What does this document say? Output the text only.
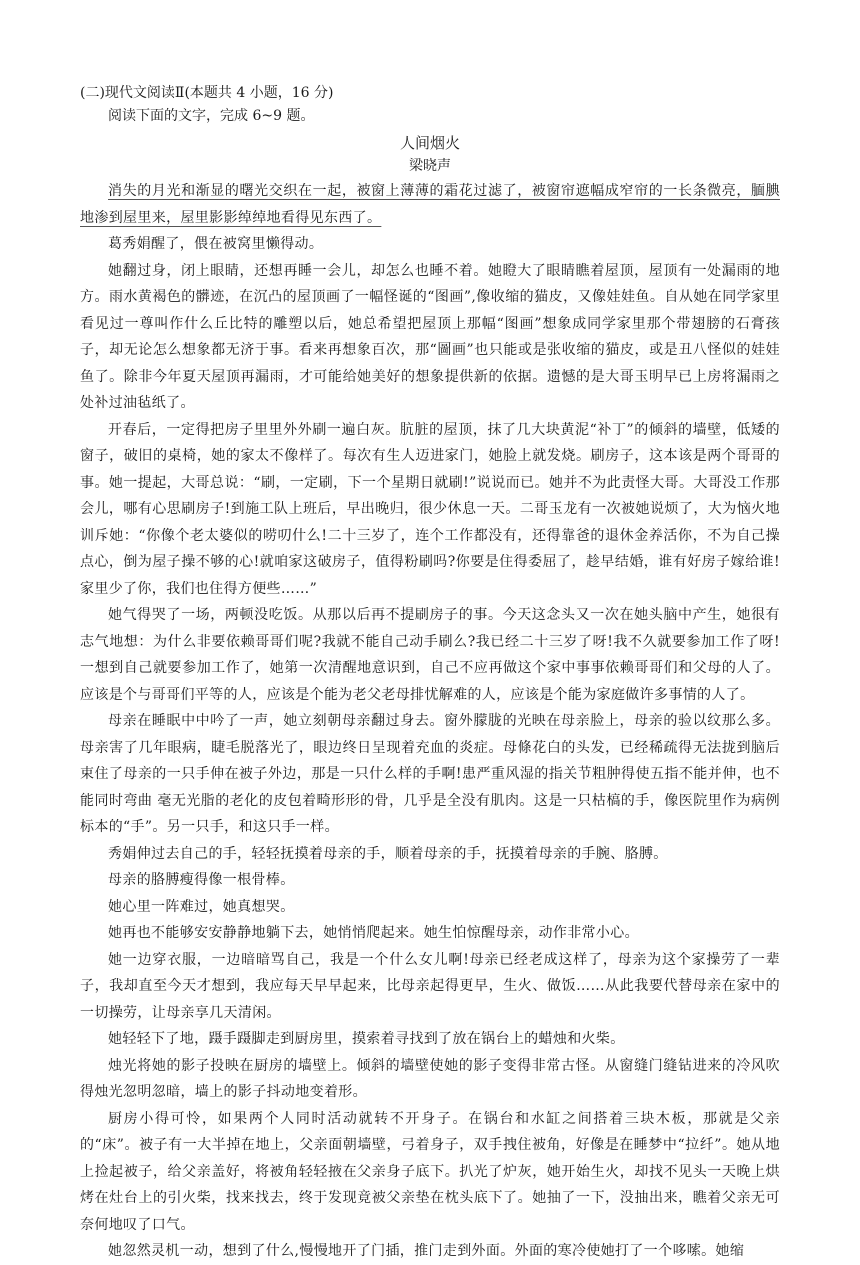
(二)现代文阅读Ⅱ(本题共 4 小题，16 分)

阅读下面的文字，完成 6~9 题。

人间烟火

梁晓声

消失的月光和渐显的曙光交织在一起，被窗上薄薄的霜花过滤了，被窗帘遮幅成窄帘的一长条微亮，腼腆地渗到屋里来，屋里影影绰绰地看得见东西了。

葛秀娟醒了，偎在被窝里懒得动。

她翻过身，闭上眼睛，还想再睡一会儿，却怎么也睡不着。她瞪大了眼睛瞧着屋顶，屋顶有一处漏雨的地方。雨水黄褐色的髒迹，在沉凸的屋顶画了一幅怪诞的“图画”,像收缩的猫皮，又像娃娃鱼。自从她在同学家里看见过一尊叫作什么丘比特的雕塑以后，她总希望把屋顶上那幅“图画”想象成同学家里那个带翅膀的石膏孩子，却无论怎么想象都无济于事。看来再想象百次，那“圖画”也只能或是张收缩的猫皮，或是丑八怪似的娃娃鱼了。除非今年夏天屋顶再漏雨，才可能给她美好的想象提供新的依据。遗憾的是大哥玉明早已上房将漏雨之处补过油毡纸了。

开春后，一定得把房子里里外外刷一遍白灰。肮脏的屋顶，抹了几大块黄泥“补丁”的倾斜的墙壁，低矮的窗子，破旧的桌椅，她的家太不像样了。每次有生人迈进家门，她脸上就发烧。刷房子，这本该是两个哥哥的事。她一提起，大哥总说：“刷，一定刷，下一个星期日就刷!”说说而已。她并不为此责怪大哥。大哥没工作那会儿，哪有心思刷房子!到施工队上班后，早出晚归，很少休息一天。二哥玉龙有一次被她说烦了，大为恼火地训斥她：“你像个老太婆似的唠叨什么!二十三岁了，连个工作都没有，还得靠爸的退休金养活你，不为自己操点心，倒为屋子操不够的心!就咱家这破房子，值得粉刷吗?你要是住得委屈了，趁早结婚，谁有好房子嫁给谁!家里少了你，我们也住得方便些……”

她气得哭了一场，两顿没吃饭。从那以后再不提刷房子的事。今天这念头又一次在她头脑中产生，她很有志气地想：为什么非要依赖哥哥们呢?我就不能自己动手刷么?我已经二十三岁了呀!我不久就要参加工作了呀!一想到自己就要参加工作了，她第一次清醒地意识到，自己不应再做这个家中事事依赖哥哥们和父母的人了。应该是个与哥哥们平等的人，应该是个能为老父老母排忧解难的人，应该是个能为家庭做许多事情的人了。

母亲在睡眠中中吟了一声，她立刻朝母亲翻过身去。窗外朦胧的光映在母亲脸上，母亲的验以纹那么多。母亲害了几年眼病，睫毛脱落光了，眼边终日呈现着充血的炎症。母條花白的头发，已经稀疏得无法拢到脑后束住了母亲的一只手伸在被子外边，那是一只什么样的手啊!患严重风湿的指关节粗肿得使五指不能并伸，也不能同时弯曲 毫无光脂的老化的皮包着畸形形的骨，几乎是全没有肌肉。这是一只枯槁的手，像医院里作为病例标本的“手”。另一只手，和这只手一样。

秀娟伸过去自己的手，轻轻抚摸着母亲的手，顺着母亲的手，抚摸着母亲的手腕、胳膊。

母亲的胳膊瘦得像一根骨棒。

她心里一阵难过，她真想哭。

她再也不能够安安静静地躺下去，她悄悄爬起来。她生怕惊醒母亲，动作非常小心。

她一边穿衣服，一边暗暗骂自己，我是一个什么女儿啊!母亲已经老成这样了，母亲为这个家操劳了一辈子，我却直至今天才想到，我应每天早早起来，比母亲起得更早，生火、做饭……从此我要代替母亲在家中的一切操劳，让母亲享几天清闲。

她轻轻下了地，蹑手蹑脚走到厨房里，摸索着寻找到了放在锅台上的蜡烛和火柴。

烛光将她的影子投映在厨房的墙壁上。倾斜的墙壁使她的影子变得非常古怪。从窗缝门缝钻进来的冷风吹得烛光忽明忽暗，墙上的影子抖动地变着形。

厨房小得可怜，如果两个人同时活动就转不开身子。在锅台和水缸之间搭着三块木板，那就是父亲的“床”。被子有一大半掉在地上，父亲面朝墙壁，弓着身子，双手拽住被角，好像是在睡梦中“拉纤”。她从地上捡起被子，给父亲盖好，将被角轻轻掖在父亲身子底下。扒光了炉灰，她开始生火，却找不见头一天晚上烘烤在灶台上的引火柴，找来找去，终于发现竟被父亲垫在枕头底下了。她抽了一下，没抽出来，瞧着父亲无可奈何地叹了口气。

她忽然灵机一动，想到了什么,慢慢地开了门插，推门走到外面。外面的寒冷使她打了一个哆嗦。她缩
